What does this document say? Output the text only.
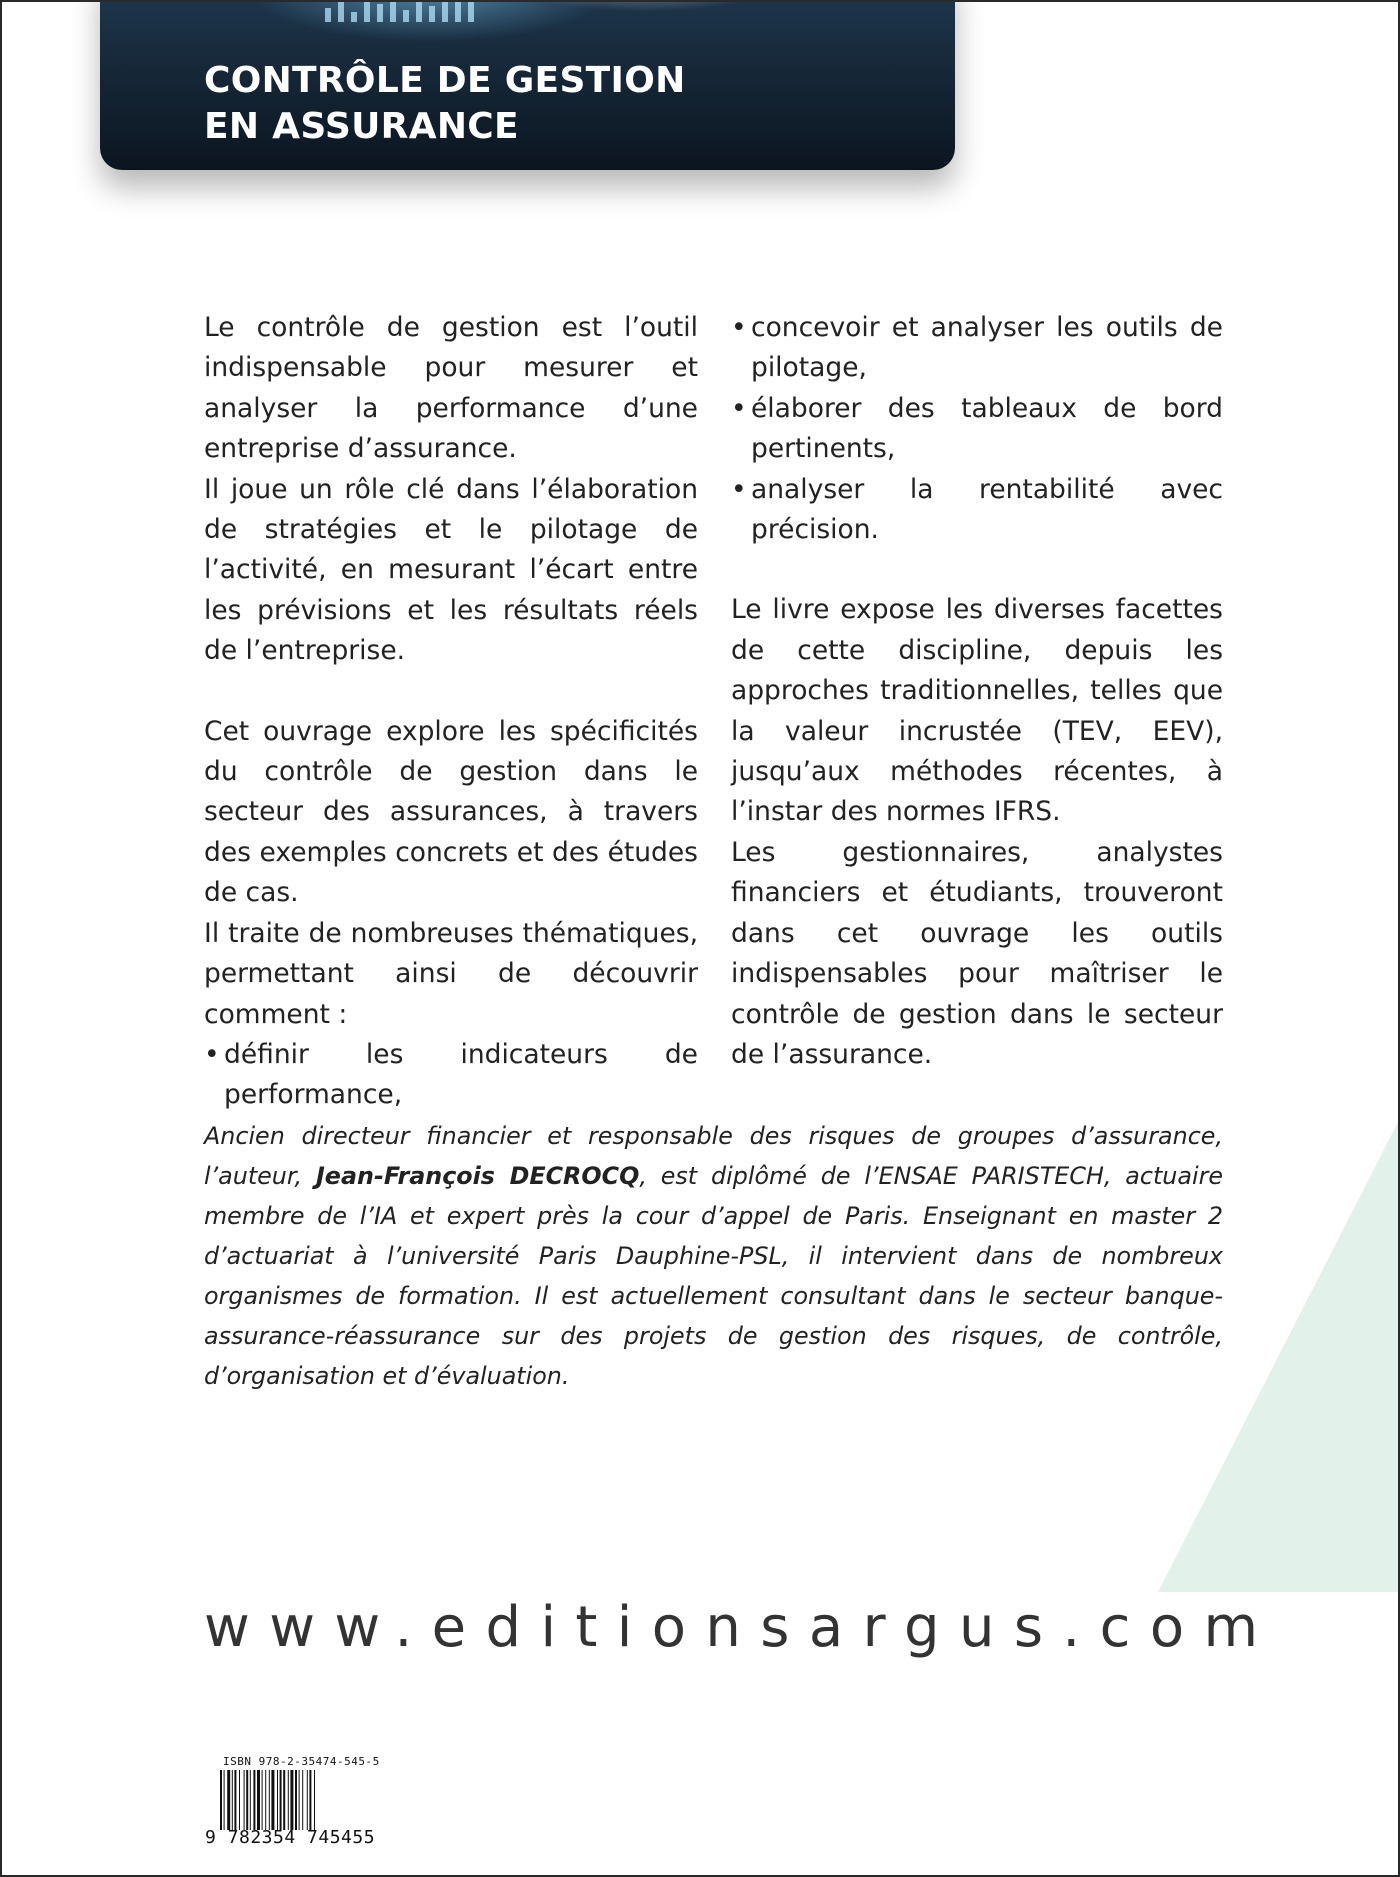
CONTRÔLE DE GESTION
EN ASSURANCE

Le contrôle de gestion est l’outil indispensable pour mesurer et analyser la performance d’une entreprise d’assurance.

Il joue un rôle clé dans l’élaboration de stratégies et le pilotage de l’activité, en mesurant l’écart entre les prévisions et les résultats réels de l’entreprise.

Cet ouvrage explore les spécificités du contrôle de gestion dans le secteur des assurances, à travers des exemples concrets et des études de cas.

Il traite de nombreuses thématiques, permettant ainsi de découvrir comment :

• définir les indicateurs de performance,
• concevoir et analyser les outils de pilotage,
• élaborer des tableaux de bord pertinents,
• analyser la rentabilité avec précision.

Le livre expose les diverses facettes de cette discipline, depuis les approches traditionnelles, telles que la valeur incrustée (TEV, EEV), jusqu’aux méthodes récentes, à l’instar des normes IFRS.

Les gestionnaires, analystes financiers et étudiants, trouveront dans cet ouvrage les outils indispensables pour maîtriser le contrôle de gestion dans le secteur de l’assurance.

Ancien directeur financier et responsable des risques de groupes d’assurance, l’auteur, Jean-François DECROCQ, est diplômé de l’ENSAE PARISTECH, actuaire membre de l’IA et expert près la cour d’appel de Paris. Enseignant en master 2 d’actuariat à l’université Paris Dauphine-PSL, il intervient dans de nombreux organismes de formation. Il est actuellement consultant dans le secteur banque-assurance-réassurance sur des projets de gestion des risques, de contrôle, d’organisation et d’évaluation.
www.editionsargus.com
ISBN 978-2-35474-545-5
9 782354 745455
